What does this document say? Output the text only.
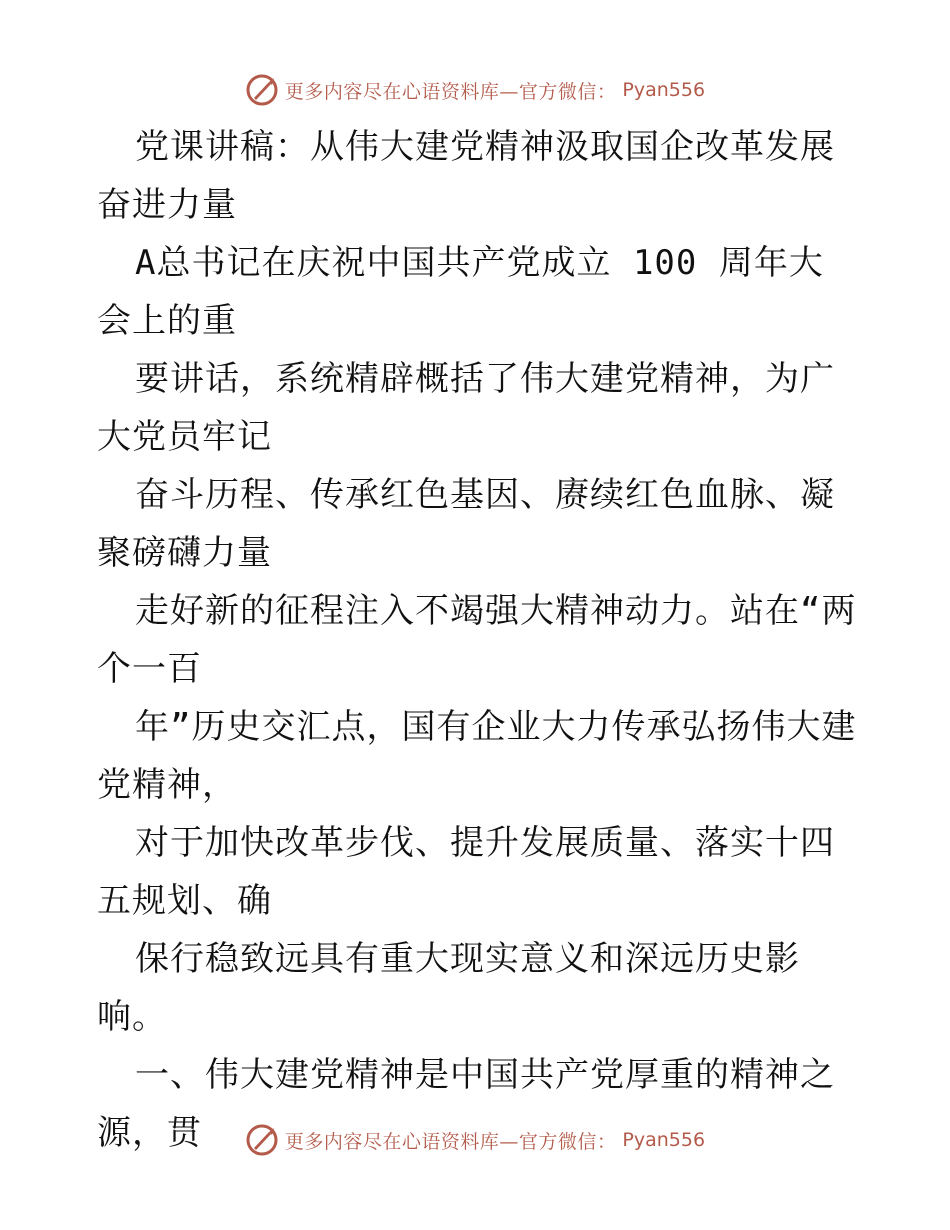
更多内容尽在心语资料库—官方微信： Pyan556

党课讲稿：从伟大建党精神汲取国企改革发展奋进力量

A总书记在庆祝中国共产党成立 100 周年大会上的重

要讲话，系统精辟概括了伟大建党精神，为广大党员牢记

奋斗历程、传承红色基因、赓续红色血脉、凝聚磅礴力量

走好新的征程注入不竭强大精神动力。站在“两个一百

年”历史交汇点，国有企业大力传承弘扬伟大建党精神，

对于加快改革步伐、提升发展质量、落实十四五规划、确

保行稳致远具有重大现实意义和深远历史影响。

一、伟大建党精神是中国共产党厚重的精神之源，贯	更多内容尽在心语资料库—官方微信： Pyan556
